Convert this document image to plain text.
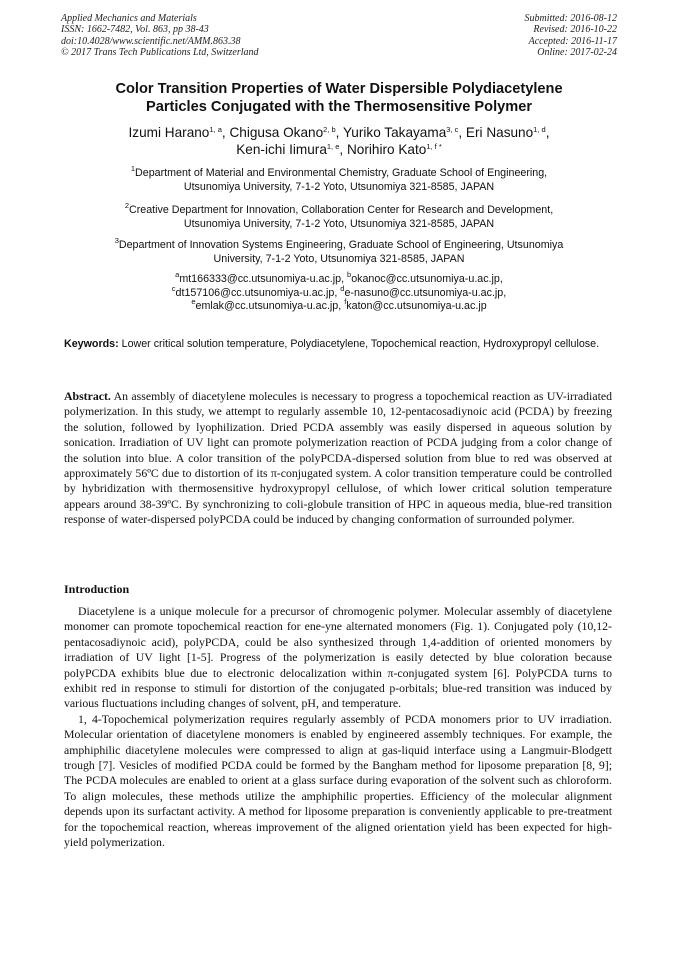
Applied Mechanics and Materials
ISSN: 1662-7482, Vol. 863, pp 38-43
doi:10.4028/www.scientific.net/AMM.863.38
© 2017 Trans Tech Publications Ltd, Switzerland
Submitted: 2016-08-12
Revised: 2016-10-22
Accepted: 2016-11-17
Online: 2017-02-24
Color Transition Properties of Water Dispersible Polydiacetylene
Particles Conjugated with the Thermosensitive Polymer
Izumi Harano$^{1, a}$, Chigusa Okano$^{2, b}$, Yuriko Takayama$^{3, c}$, Eri Nasuno$^{1, d}$,
Ken-ichi Iimura$^{1, e}$, Norihiro Kato$^{1, f *}$
$^1$Department of Material and Environmental Chemistry, Graduate School of Engineering,
Utsunomiya University, 7-1-2 Yoto, Utsunomiya 321-8585, JAPAN
$^2$Creative Department for Innovation, Collaboration Center for Research and Development,
Utsunomiya University, 7-1-2 Yoto, Utsunomiya 321-8585, JAPAN
$^3$Department of Innovation Systems Engineering, Graduate School of Engineering, Utsunomiya
University, 7-1-2 Yoto, Utsunomiya 321-8585, JAPAN
$^a$mt166333@cc.utsunomiya-u.ac.jp, $^b$okanoc@cc.utsunomiya-u.ac.jp,
$^c$dt157106@cc.utsunomiya-u.ac.jp, $^d$e-nasuno@cc.utsunomiya-u.ac.jp,
$^e$emlak@cc.utsunomiya-u.ac.jp, $^f$katon@cc.utsunomiya-u.ac.jp
Keywords: Lower critical solution temperature, Polydiacetylene, Topochemical reaction, Hydroxypropyl cellulose.
Abstract. An assembly of diacetylene molecules is necessary to progress a topochemical reaction as UV-irradiated polymerization. In this study, we attempt to regularly assemble 10, 12-pentacosadiynoic acid (PCDA) by freezing the solution, followed by lyophilization. Dried PCDA assembly was easily dispersed in aqueous solution by sonication. Irradiation of UV light can promote polymerization reaction of PCDA judging from a color change of the solution into blue. A color transition of the polyPCDA-dispersed solution from blue to red was observed at approximately 56ºC due to distortion of its π-conjugated system. A color transition temperature could be controlled by hybridization with thermosensitive hydroxypropyl cellulose, of which lower critical solution temperature appears around 38-39ºC. By synchronizing to coli-globule transition of HPC in aqueous media, blue-red transition response of water-dispersed polyPCDA could be induced by changing conformation of surrounded polymer.
Introduction

Diacetylene is a unique molecule for a precursor of chromogenic polymer. Molecular assembly of diacetylene monomer can promote topochemical reaction for ene-yne alternated monomers (Fig. 1). Conjugated poly (10,12-pentacosadiynoic acid), polyPCDA, could be also synthesized through 1,4-addition of oriented monomers by irradiation of UV light [1-5]. Progress of the polymerization is easily detected by blue coloration because polyPCDA exhibits blue due to electronic delocalization within π-conjugated system [6]. PolyPCDA turns to exhibit red in response to stimuli for distortion of the conjugated p-orbitals; blue-red transition was induced by various fluctuations including changes of solvent, pH, and temperature.

1, 4-Topochemical polymerization requires regularly assembly of PCDA monomers prior to UV irradiation. Molecular orientation of diacetylene monomers is enabled by engineered assembly techniques. For example, the amphiphilic diacetylene molecules were compressed to align at gas-liquid interface using a Langmuir-Blodgett trough [7]. Vesicles of modified PCDA could be formed by the Bangham method for liposome preparation [8, 9]; The PCDA molecules are enabled to orient at a glass surface during evaporation of the solvent such as chloroform. To align molecules, these methods utilize the amphiphilic properties. Efficiency of the molecular alignment depends upon its surfactant activity. A method for liposome preparation is conveniently applicable to pre-treatment for the topochemical reaction, whereas improvement of the aligned orientation yield has been expected for high-yield polymerization.
